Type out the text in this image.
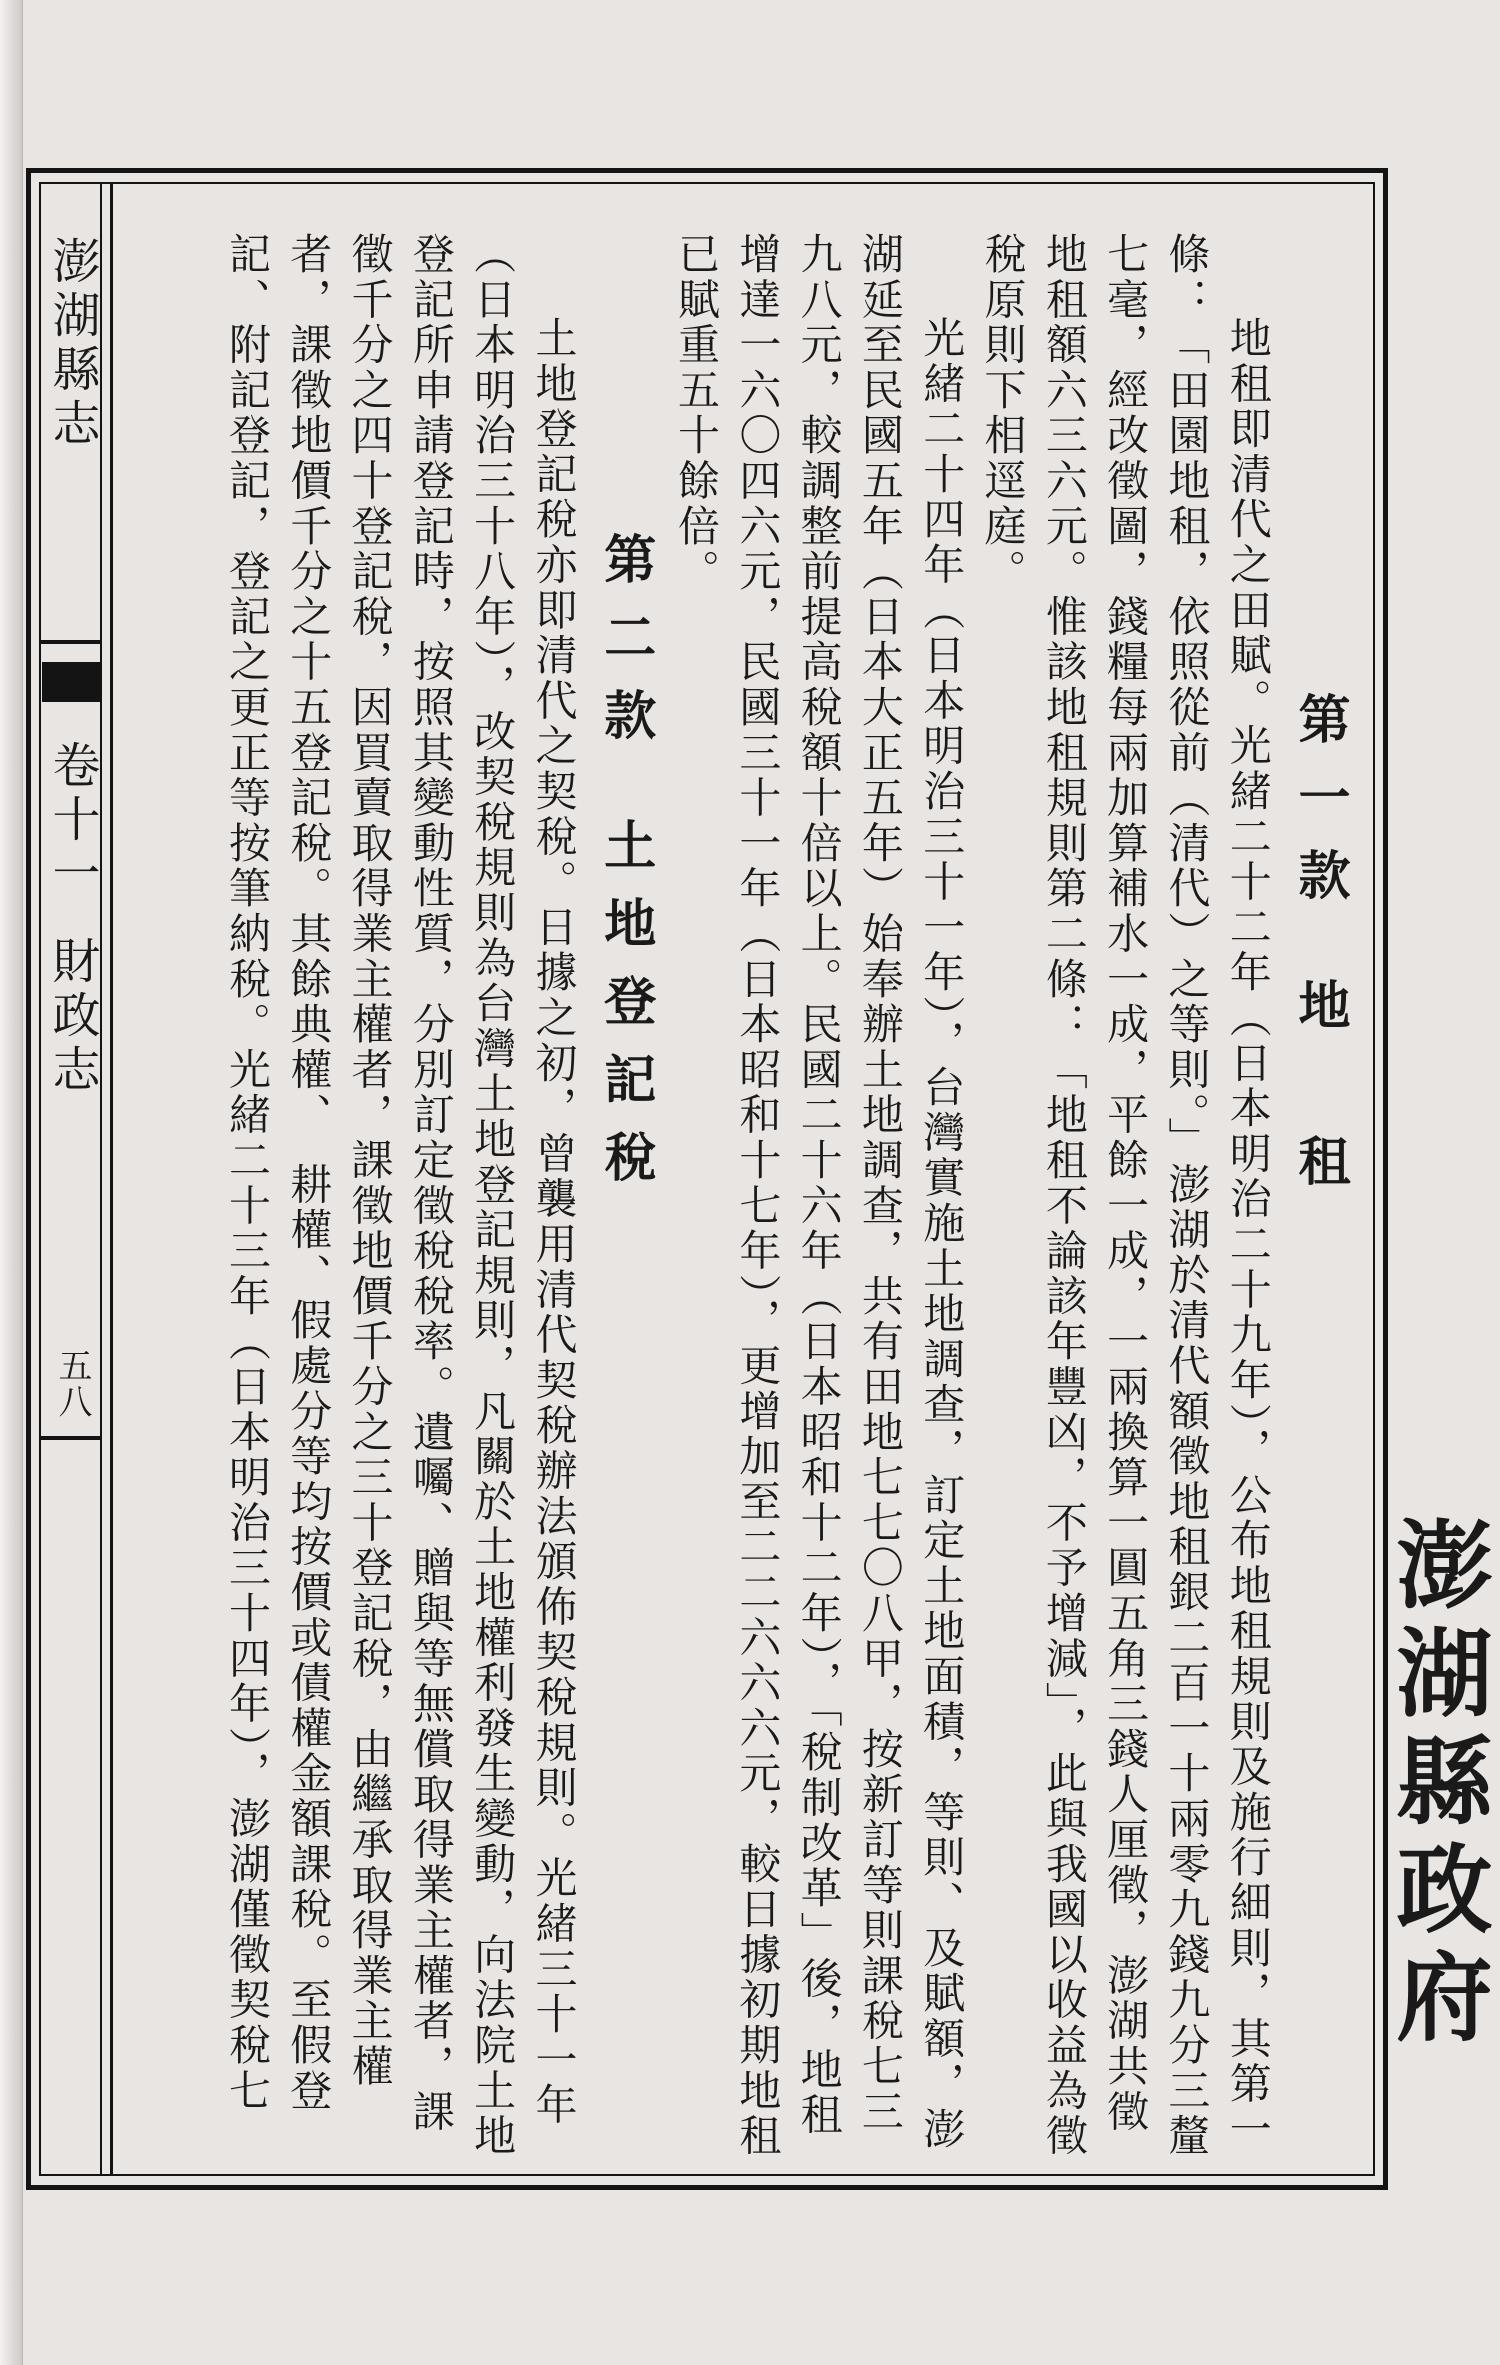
澎湖縣志
卷十一
財政志
五八
澎湖縣政府
第一款地　租

地租即清代之田賦。光緒二十二年（日本明治二十九年），公布地租規則及施行細則，其第一條：「田園地租，依照從前（清代）之等則。」澎湖於清代額徵地租銀二百一十兩零九錢九分三釐七毫，經改徵圖，錢糧每兩加算補水一成，平餘一成，一兩換算一圓五角三錢人厘徵，澎湖共徵地租額六三六元。惟該地租規則第二條：「地租不論該年豐凶，不予增減」，此與我國以收益為徵稅原則下相逕庭。

光緒二十四年（日本明治三十一年），台灣實施土地調查，訂定土地面積，等則、及賦額，澎湖延至民國五年（日本大正五年）始奉辦土地調查，共有田地七七〇八甲，按新訂等則課稅七三九八元，較調整前提高稅額十倍以上。民國二十六年（日本昭和十二年），「稅制改革」後，地租增達一六〇四六元，民國三十一年（日本昭和十七年），更增加至二二六六六元，較日據初期地租已賦重五十餘倍。

第二款土地登記稅

土地登記稅亦即清代之契稅。日據之初，曾襲用清代契稅辦法頒佈契稅規則。光緒三十一年（日本明治三十八年），改契稅規則為台灣土地登記規則，凡關於土地權利發生變動，向法院土地登記所申請登記時，按照其變動性質，分別訂定徵稅稅率。遺囑、贈與等無償取得業主權者，課徵千分之四十登記稅，因買賣取得業主權者，課徵地價千分之三十登記稅，由繼承取得業主權者，課徵地價千分之十五登記稅。其餘典權、　耕權、假處分等均按價或債權金額課稅。至假登記、附記登記，登記之更正等按筆納稅。光緒二十三年（日本明治三十四年），澎湖僅徵契稅七
